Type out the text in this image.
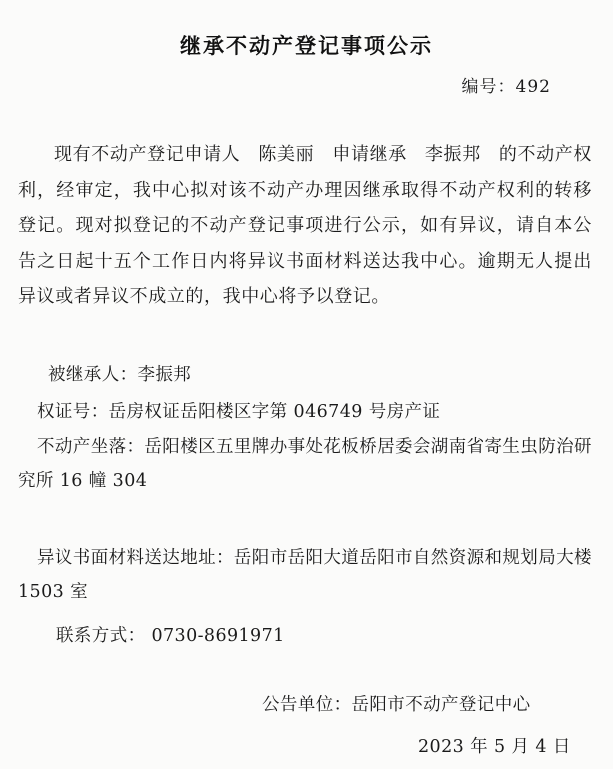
继承不动产登记事项公示
编号：492
现有不动产登记申请人 陈美丽 申请继承 李振邦 的不动产权利，经审定，我中心拟对该不动产办理因继承取得不动产权利的转移登记。现对拟登记的不动产登记事项进行公示，如有异议，请自本公告之日起十五个工作日内将异议书面材料送达我中心。逾期无人提出异议或者异议不成立的，我中心将予以登记。
被继承人：李振邦
权证号：岳房权证岳阳楼区字第 046749 号房产证
不动产坐落：岳阳楼区五里牌办事处花板桥居委会湖南省寄生虫防治研究所 16 幢 304
异议书面材料送达地址：岳阳市岳阳大道岳阳市自然资源和规划局大楼 1503 室
联系方式： 0730-8691971
公告单位：岳阳市不动产登记中心
2023 年 5 月 4 日
